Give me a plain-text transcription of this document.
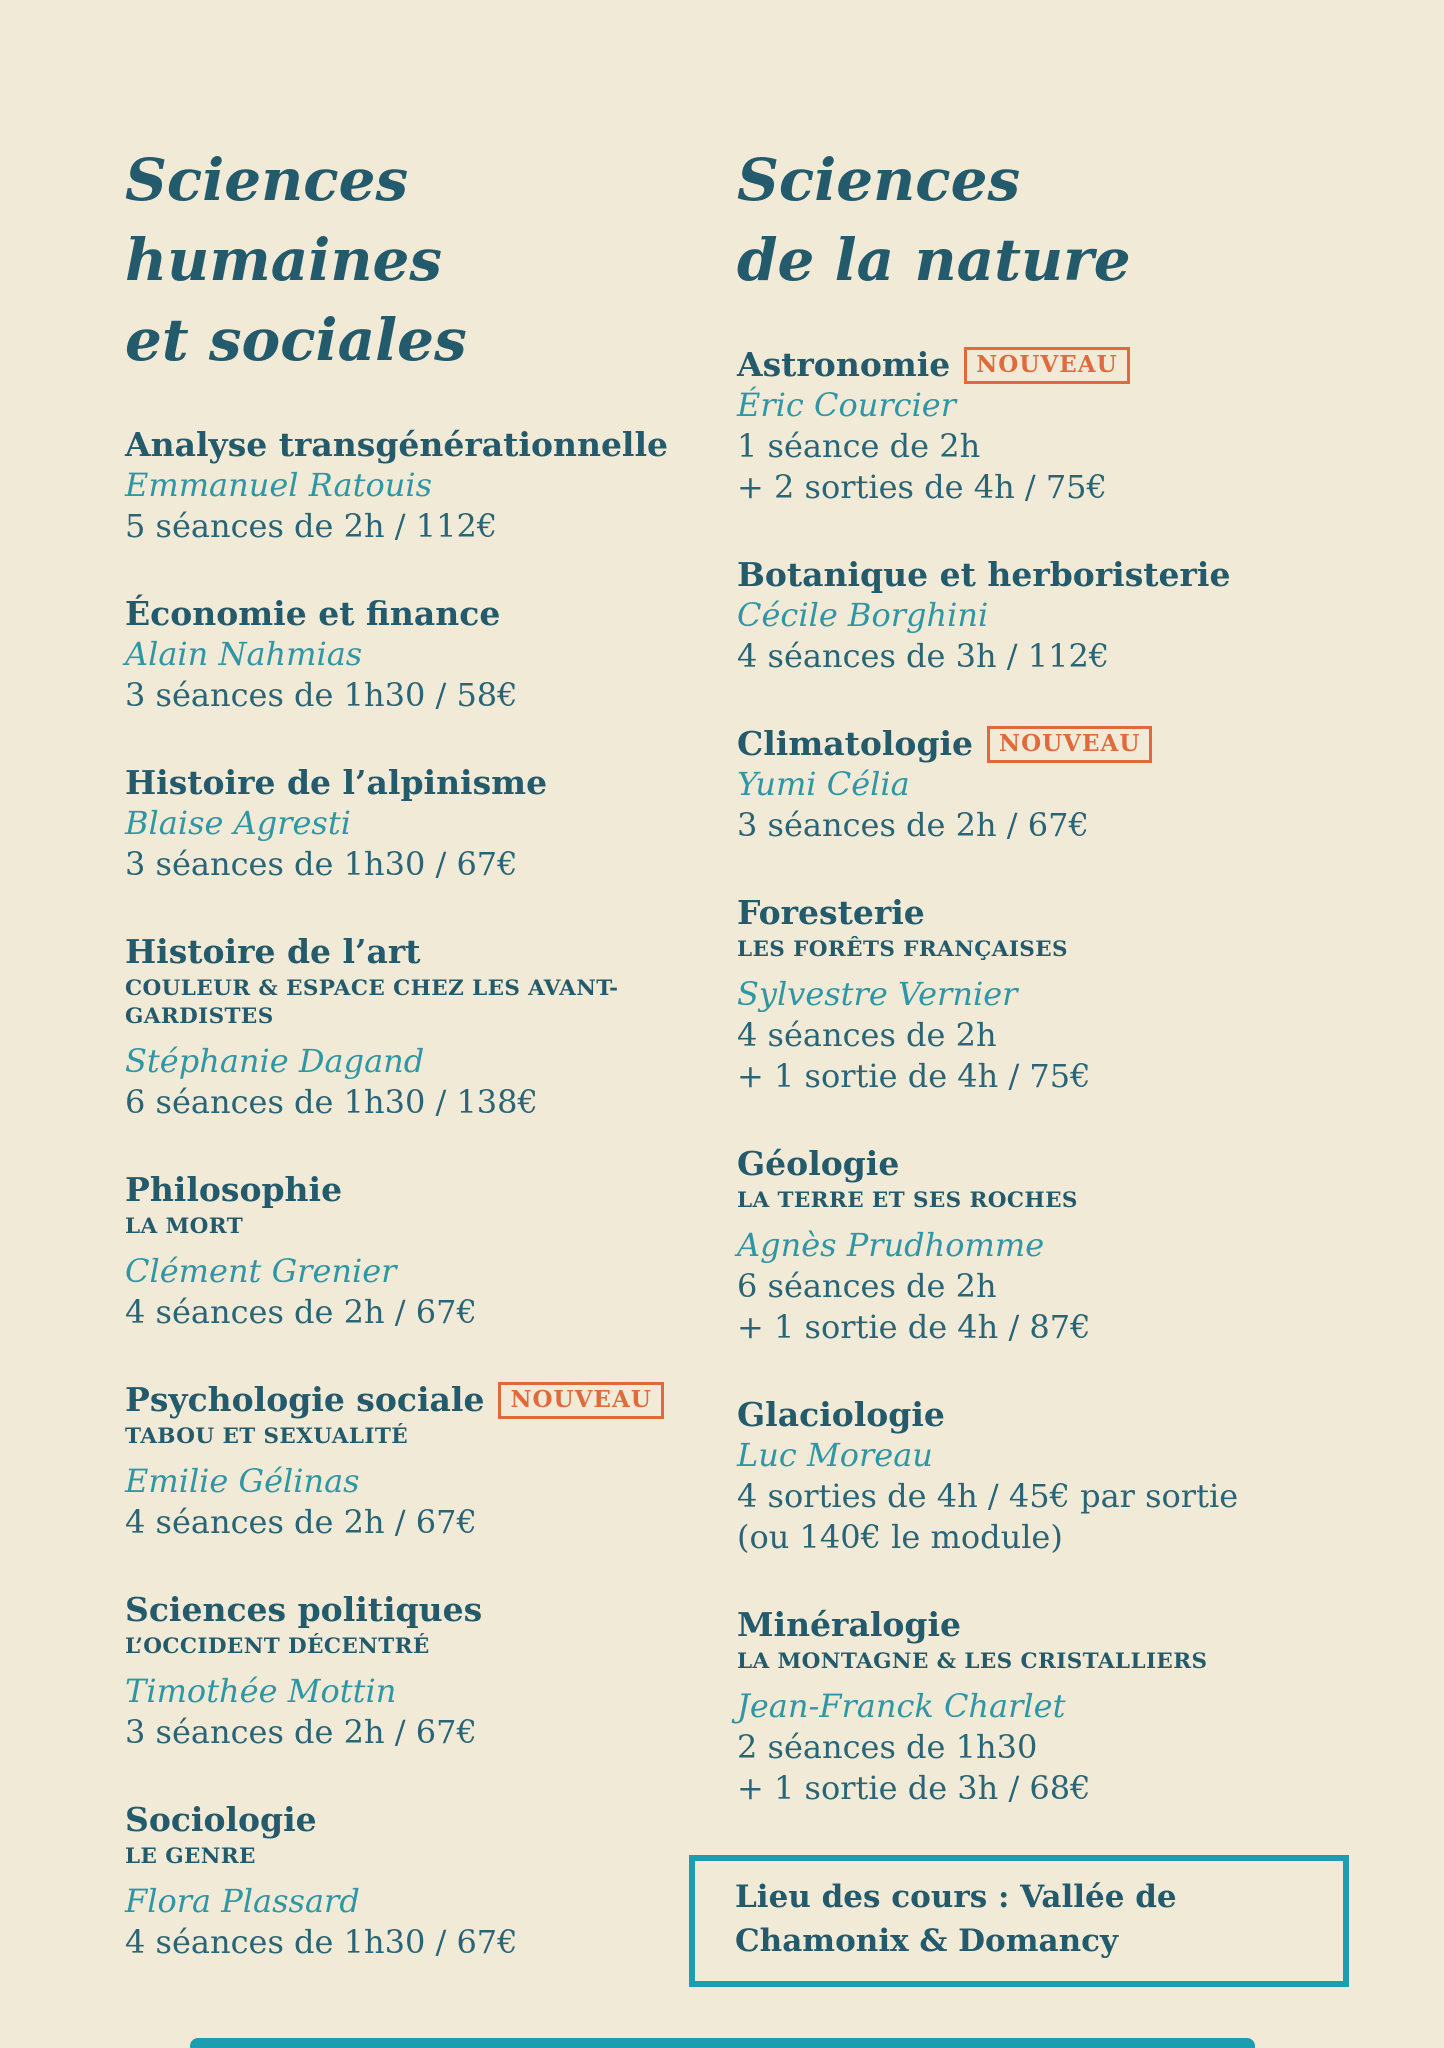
Sciences
humaines
et sociales
Analyse transgénérationnelle
Emmanuel Ratouis
5 séances de 2h / 112€
Économie et finance
Alain Nahmias
3 séances de 1h30 / 58€
Histoire de l’alpinisme
Blaise Agresti
3 séances de 1h30 / 67€
Histoire de l’art
COULEUR & ESPACE CHEZ LES AVANT-GARDISTES
Stéphanie Dagand
6 séances de 1h30 / 138€
Philosophie
LA MORT
Clément Grenier
4 séances de 2h / 67€
Psychologie sociale NOUVEAU
TABOU ET SEXUALITÉ
Emilie Gélinas
4 séances de 2h / 67€
Sciences politiques
L’OCCIDENT DÉCENTRÉ
Timothée Mottin
3 séances de 2h / 67€
Sociologie
LE GENRE
Flora Plassard
4 séances de 1h30 / 67€
Sciences
de la nature
Astronomie NOUVEAU
Éric Courcier
1 séance de 2h
+ 2 sorties de 4h / 75€
Botanique et herboristerie
Cécile Borghini
4 séances de 3h / 112€
Climatologie NOUVEAU
Yumi Célia
3 séances de 2h / 67€
Foresterie
LES FORÊTS FRANÇAISES
Sylvestre Vernier
4 séances de 2h
+ 1 sortie de 4h / 75€
Géologie
LA TERRE ET SES ROCHES
Agnès Prudhomme
6 séances de 2h
+ 1 sortie de 4h / 87€
Glaciologie
Luc Moreau
4 sorties de 4h / 45€ par sortie
(ou 140€ le module)
Minéralogie
LA MONTAGNE & LES CRISTALLIERS
Jean-Franck Charlet
2 séances de 1h30
+ 1 sortie de 3h / 68€
Lieu des cours : Vallée de Chamonix & Domancy
